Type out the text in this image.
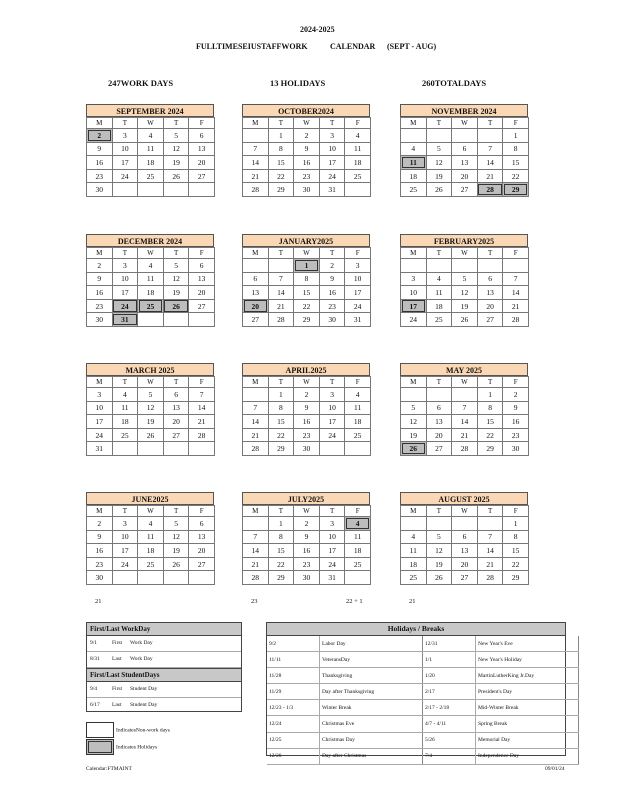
2024-2025
FULLTIMESEIUSTAFFWORK	CALENDAR (SEPT - AUG)
247WORK DAYS	13 HOLIDAYS	260TOTALDAYS
SEPTEMBER 2024
M	T	W	T	F
2	3	4	5	6
9	10	11	12	13
16	17	18	19	20
23	24	25	26	27
30				
OCTOBER2024
M	T	W	T	F
	1	2	3	4
7	8	9	10	11
14	15	16	17	18
21	22	23	24	25
28	29	30	31	
NOVEMBER 2024
M	T	W	T	F
				1
4	5	6	7	8
11	12	13	14	15
18	19	20	21	22
25	26	27	28	29
DECEMBER 2024
M	T	W	T	F
2	3	4	5	6
9	10	11	12	13
16	17	18	19	20
23	24	25	26	27
30	31			
JANUARY2025
M	T	W	T	F
		1	2	3
6	7	8	9	10
13	14	15	16	17
20	21	22	23	24
27	28	29	30	31
FEBRUARY2025
M	T	W	T	F

3	4	5	6	7
10	11	12	13	14
17	18	19	20	21
24	25	26	27	28
MARCH 2025
M	T	W	T	F
3	4	5	6	7
10	11	12	13	14
17	18	19	20	21
24	25	26	27	28
31				
APRIL2025
M	T	W	T	F
	1	2	3	4
7	8	9	10	11
14	15	16	17	18
21	22	23	24	25
28	29	30		
MAY 2025
M	T	W	T	F
			1	2
5	6	7	8	9
12	13	14	15	16
19	20	21	22	23
26	27	28	29	30
JUNE2025
M	T	W	T	F
2	3	4	5	6
9	10	11	12	13
16	17	18	19	20
23	24	25	26	27
30				
JULY2025
M	T	W	T	F
	1	2	3	4
7	8	9	10	11
14	15	16	17	18
21	22	23	24	25
28	29	30	31	
AUGUST 2025
M	T	W	T	F
				1
4	5	6	7	8
11	12	13	14	15
18	19	20	21	22
25	26	27	28	29
21	23	22 + 1	21
First/Last WorkDay
9/1	First Work Day
8/31 Last Work Day
First/Last StudentDays
9/4	First Student Day
6/17 Last Student Day
IndicatesNon-work days
Indicates Holidays
Holidays / Breaks
9/2	Labor Day	12/31	New Year's Eve
11/11	VeteransDay	1/1	New Year's Holiday
11/28	Thanksgiving	1/20	MartinLutherKing Jr.Day
11/29	Day after Thanksgiving	2/17	President's Day
12/23 - 1/3	Winter Break	2/17 - 2/18	Mid-Winter Break
12/24	Christmas Eve	4/7 - 4/11	Spring Break
12/25	Christmas Day	5/26	Memorial Day
12/26	Day after Christmas	7/4	Independence Day
Calendar:FTMAINT	09/01/24
